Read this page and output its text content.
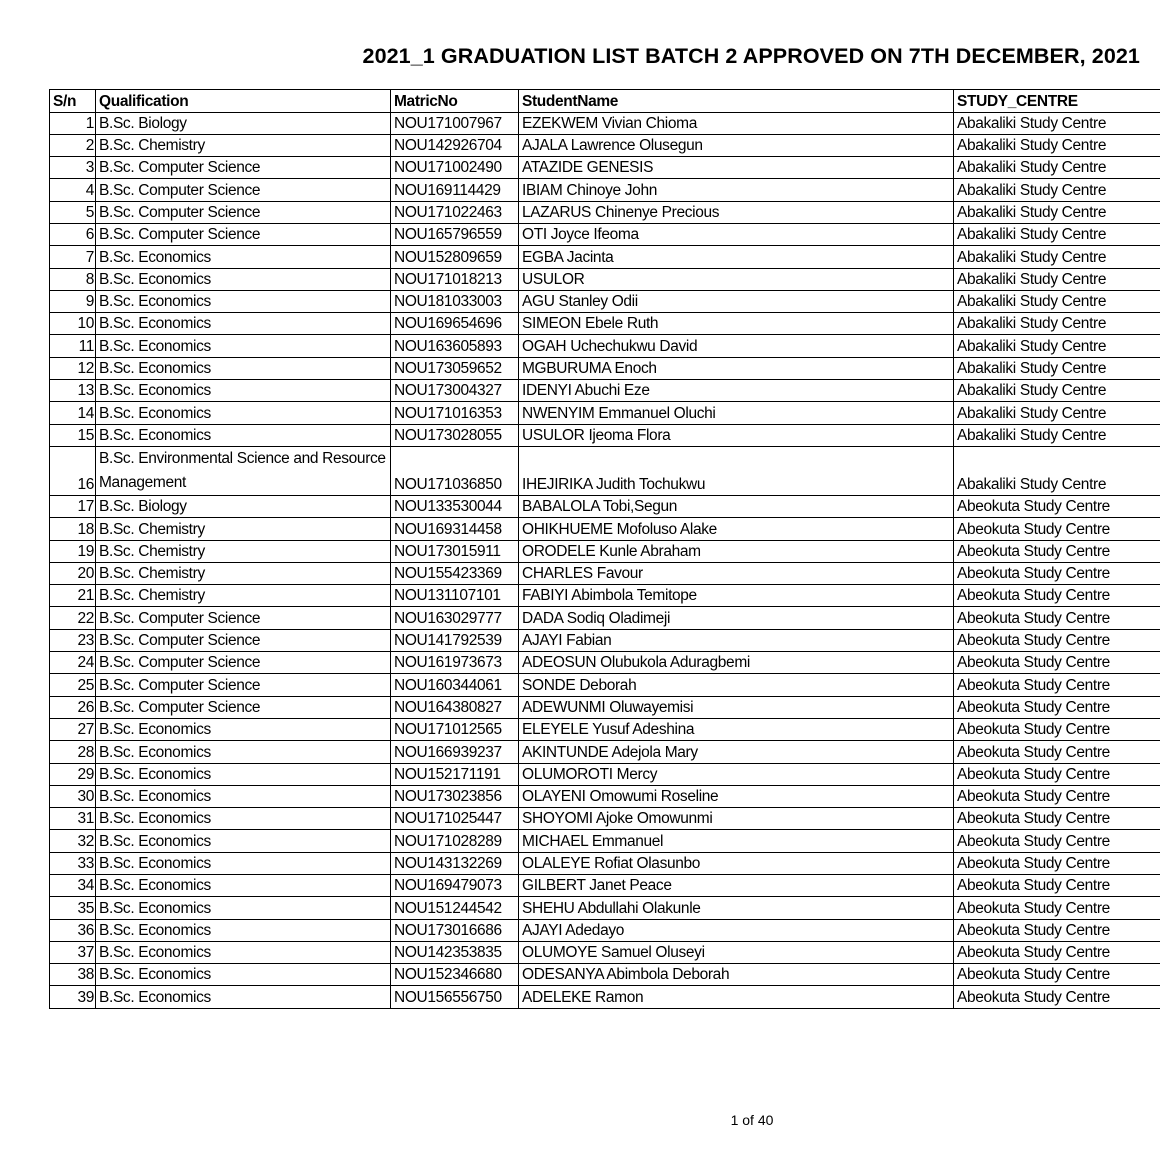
2021_1 GRADUATION LIST BATCH 2 APPROVED ON 7TH DECEMBER, 2021
S/n	Qualification	MatricNo	StudentName	STUDY_CENTRE
1	B.Sc. Biology	NOU171007967	EZEKWEM Vivian Chioma	Abakaliki Study Centre
2	B.Sc. Chemistry	NOU142926704	AJALA Lawrence Olusegun	Abakaliki Study Centre
3	B.Sc. Computer Science	NOU171002490	ATAZIDE GENESIS	Abakaliki Study Centre
4	B.Sc. Computer Science	NOU169114429	IBIAM Chinoye John	Abakaliki Study Centre
5	B.Sc. Computer Science	NOU171022463	LAZARUS Chinenye Precious	Abakaliki Study Centre
6	B.Sc. Computer Science	NOU165796559	OTI Joyce Ifeoma	Abakaliki Study Centre
7	B.Sc. Economics	NOU152809659	EGBA Jacinta	Abakaliki Study Centre
8	B.Sc. Economics	NOU171018213	USULOR	Abakaliki Study Centre
9	B.Sc. Economics	NOU181033003	AGU Stanley Odii	Abakaliki Study Centre
10	B.Sc. Economics	NOU169654696	SIMEON Ebele Ruth	Abakaliki Study Centre
11	B.Sc. Economics	NOU163605893	OGAH Uchechukwu David	Abakaliki Study Centre
12	B.Sc. Economics	NOU173059652	MGBURUMA Enoch	Abakaliki Study Centre
13	B.Sc. Economics	NOU173004327	IDENYI Abuchi Eze	Abakaliki Study Centre
14	B.Sc. Economics	NOU171016353	NWENYIM Emmanuel Oluchi	Abakaliki Study Centre
15	B.Sc. Economics	NOU173028055	USULOR Ijeoma Flora	Abakaliki Study Centre
16	B.Sc. Environmental Science and Resource Management	NOU171036850	IHEJIRIKA Judith Tochukwu	Abakaliki Study Centre
17	B.Sc. Biology	NOU133530044	BABALOLA Tobi,Segun	Abeokuta Study Centre
18	B.Sc. Chemistry	NOU169314458	OHIKHUEME Mofoluso Alake	Abeokuta Study Centre
19	B.Sc. Chemistry	NOU173015911	ORODELE Kunle Abraham	Abeokuta Study Centre
20	B.Sc. Chemistry	NOU155423369	CHARLES Favour	Abeokuta Study Centre
21	B.Sc. Chemistry	NOU131107101	FABIYI Abimbola Temitope	Abeokuta Study Centre
22	B.Sc. Computer Science	NOU163029777	DADA Sodiq Oladimeji	Abeokuta Study Centre
23	B.Sc. Computer Science	NOU141792539	AJAYI Fabian	Abeokuta Study Centre
24	B.Sc. Computer Science	NOU161973673	ADEOSUN Olubukola Aduragbemi	Abeokuta Study Centre
25	B.Sc. Computer Science	NOU160344061	SONDE Deborah	Abeokuta Study Centre
26	B.Sc. Computer Science	NOU164380827	ADEWUNMI Oluwayemisi	Abeokuta Study Centre
27	B.Sc. Economics	NOU171012565	ELEYELE Yusuf Adeshina	Abeokuta Study Centre
28	B.Sc. Economics	NOU166939237	AKINTUNDE Adejola Mary	Abeokuta Study Centre
29	B.Sc. Economics	NOU152171191	OLUMOROTI Mercy	Abeokuta Study Centre
30	B.Sc. Economics	NOU173023856	OLAYENI Omowumi Roseline	Abeokuta Study Centre
31	B.Sc. Economics	NOU171025447	SHOYOMI Ajoke Omowunmi	Abeokuta Study Centre
32	B.Sc. Economics	NOU171028289	MICHAEL Emmanuel	Abeokuta Study Centre
33	B.Sc. Economics	NOU143132269	OLALEYE Rofiat Olasunbo	Abeokuta Study Centre
34	B.Sc. Economics	NOU169479073	GILBERT Janet Peace	Abeokuta Study Centre
35	B.Sc. Economics	NOU151244542	SHEHU Abdullahi Olakunle	Abeokuta Study Centre
36	B.Sc. Economics	NOU173016686	AJAYI Adedayo	Abeokuta Study Centre
37	B.Sc. Economics	NOU142353835	OLUMOYE Samuel Oluseyi	Abeokuta Study Centre
38	B.Sc. Economics	NOU152346680	ODESANYA Abimbola Deborah	Abeokuta Study Centre
39	B.Sc. Economics	NOU156556750	ADELEKE Ramon	Abeokuta Study Centre
1 of 40
